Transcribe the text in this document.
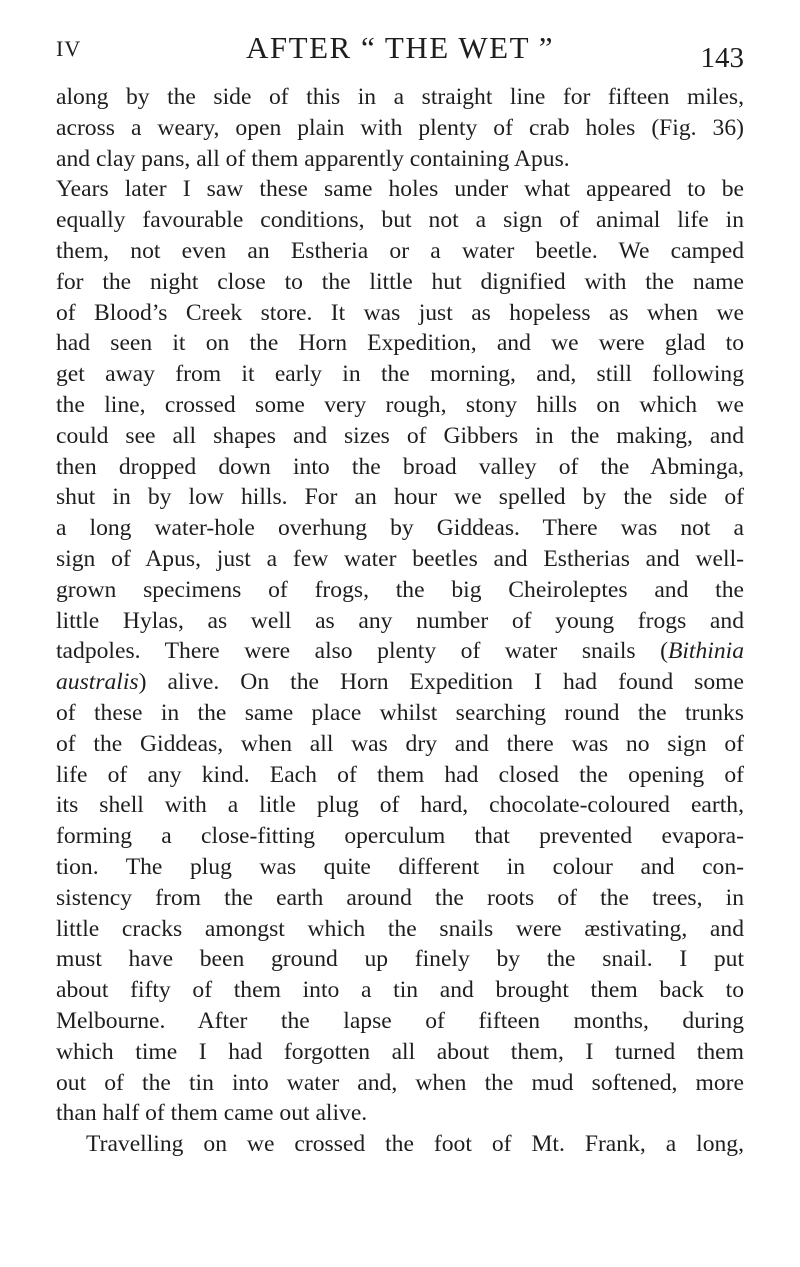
IV	AFTER “ THE WET ”	143
along by the side of this in a straight line for fifteen miles,
across a weary, open plain with plenty of crab holes (Fig. 36)
and clay pans, all of them apparently containing Apus.
Years later I saw these same holes under what appeared to be
equally favourable conditions, but not a sign of animal life in
them, not even an Estheria or a water beetle. We camped
for the night close to the little hut dignified with the name
of Blood’s Creek store. It was just as hopeless as when we
had seen it on the Horn Expedition, and we were glad to
get away from it early in the morning, and, still following
the line, crossed some very rough, stony hills on which we
could see all shapes and sizes of Gibbers in the making, and
then dropped down into the broad valley of the Abminga,
shut in by low hills. For an hour we spelled by the side of
a long water-hole overhung by Giddeas. There was not a
sign of Apus, just a few water beetles and Estherias and well-
grown specimens of frogs, the big Cheiroleptes and the
little Hylas, as well as any number of young frogs and
tadpoles. There were also plenty of water snails (Bithinia
australis) alive. On the Horn Expedition I had found some
of these in the same place whilst searching round the trunks
of the Giddeas, when all was dry and there was no sign of
life of any kind. Each of them had closed the opening of
its shell with a litle plug of hard, chocolate-coloured earth,
forming a close-fitting operculum that prevented evapora-
tion. The plug was quite different in colour and con-
sistency from the earth around the roots of the trees, in
little cracks amongst which the snails were æstivating, and
must have been ground up finely by the snail. I put
about fifty of them into a tin and brought them back to
Melbourne. After the lapse of fifteen months, during
which time I had forgotten all about them, I turned them
out of the tin into water and, when the mud softened, more
than half of them came out alive.
Travelling on we crossed the foot of Mt. Frank, a long,
